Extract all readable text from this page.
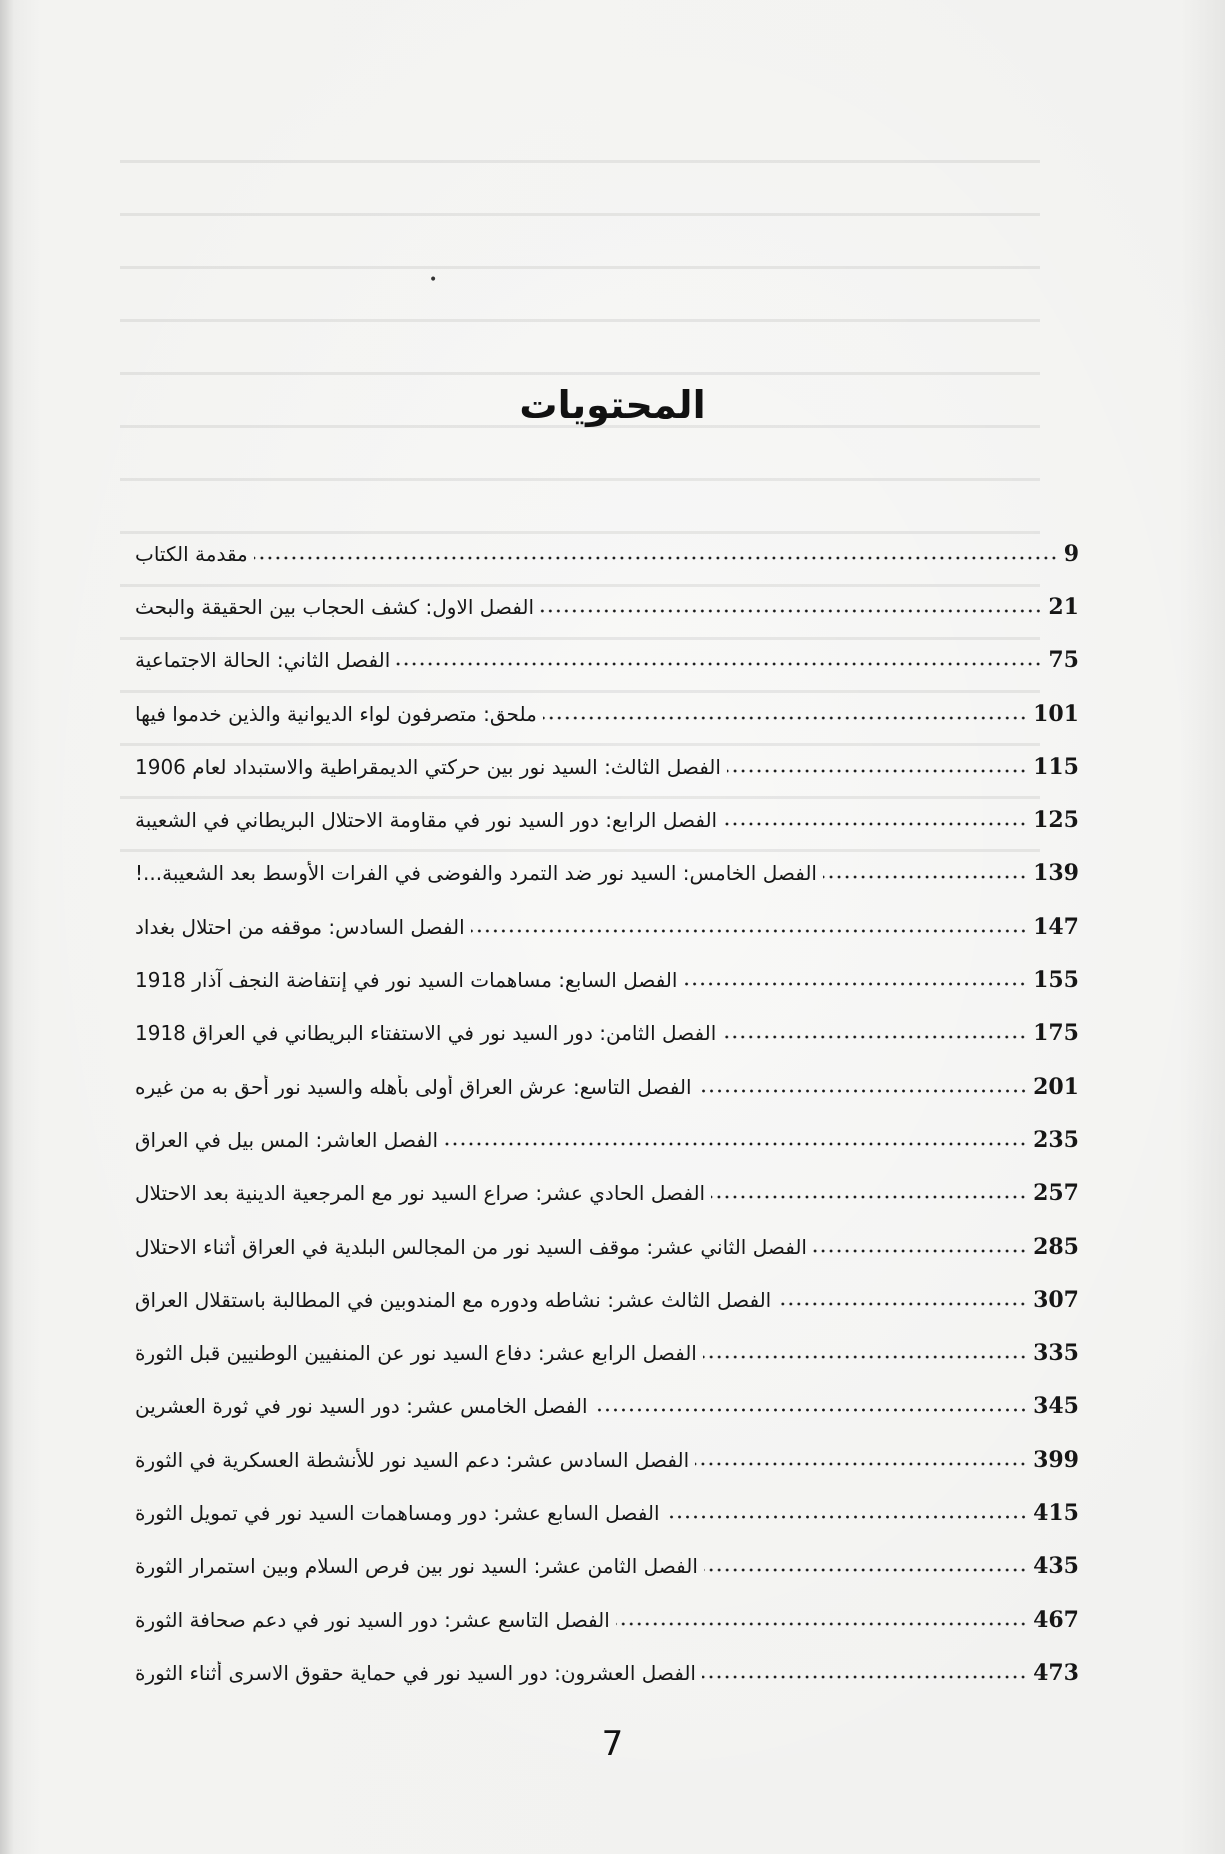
•
المحتويات
مقدمة الكتاب	9
الفصل الاول: كشف الحجاب بين الحقيقة والبحث	21
الفصل الثاني: الحالة الاجتماعية	75
ملحق: متصرفون لواء الديوانية والذين خدموا فيها	101
الفصل الثالث: السيد نور بين حركتي الديمقراطية والاستبداد لعام 1906	115
الفصل الرابع: دور السيد نور في مقاومة الاحتلال البريطاني في الشعيبة	125
الفصل الخامس: السيد نور ضد التمرد والفوضى في الفرات الأوسط بعد الشعيبة...!	139
الفصل السادس: موقفه من احتلال بغداد	147
الفصل السابع: مساهمات السيد نور في إنتفاضة النجف آذار 1918	155
الفصل الثامن: دور السيد نور في الاستفتاء البريطاني في العراق 1918	175
الفصل التاسع: عرش العراق أولى بأهله والسيد نور أحق به من غيره	201
الفصل العاشر: المس بيل في العراق	235
الفصل الحادي عشر: صراع السيد نور مع المرجعية الدينية بعد الاحتلال	257
الفصل الثاني عشر: موقف السيد نور من المجالس البلدية في العراق أثناء الاحتلال	285
الفصل الثالث عشر: نشاطه ودوره مع المندوبين في المطالبة باستقلال العراق	307
الفصل الرابع عشر: دفاع السيد نور عن المنفيين الوطنيين قبل الثورة	335
الفصل الخامس عشر: دور السيد نور في ثورة العشرين	345
الفصل السادس عشر: دعم السيد نور للأنشطة العسكرية في الثورة	399
الفصل السابع عشر: دور ومساهمات السيد نور في تمويل الثورة	415
الفصل الثامن عشر: السيد نور بين فرص السلام وبين استمرار الثورة	435
الفصل التاسع عشر: دور السيد نور في دعم صحافة الثورة	467
الفصل العشرون: دور السيد نور في حماية حقوق الاسرى أثناء الثورة	473
7
